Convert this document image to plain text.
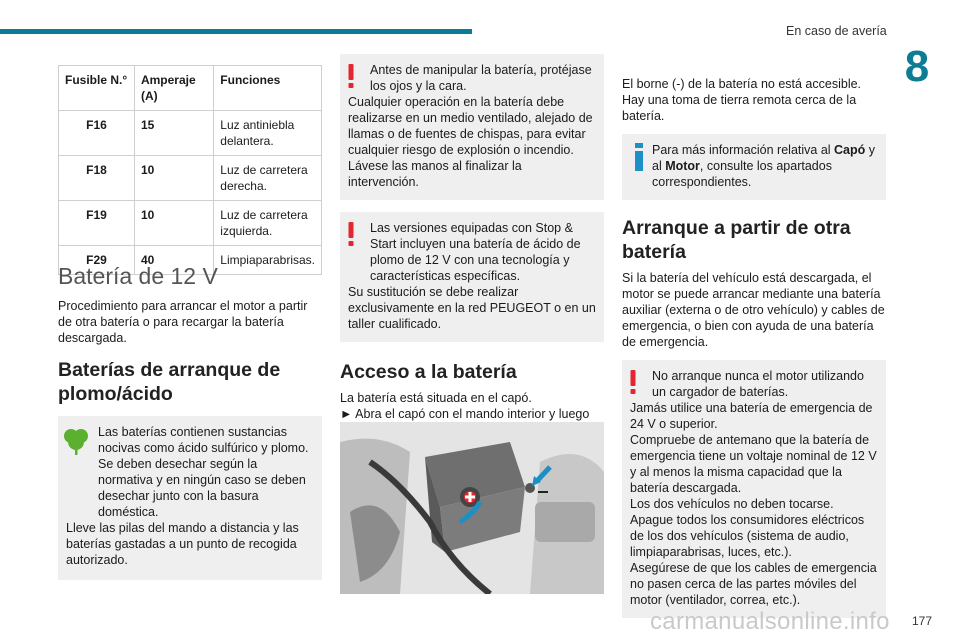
En caso de avería
8
Fusible N.°	Amperaje (A)	Funciones
F16	15	Luz antiniebla delantera.
F18	10	Luz de carretera derecha.
F19	10	Luz de carretera izquierda.
F29	40	Limpiaparabrisas.
Batería de 12 V
Procedimiento para arrancar el motor a partir de otra batería o para recargar la batería descargada.
Baterías de arranque de plomo/ácido
Las baterías contienen sustancias nocivas como ácido sulfúrico y plomo. Se deben desechar según la normativa y en ningún caso se deben desechar junto con la basura doméstica.
Lleve las pilas del mando a distancia y las baterías gastadas a un punto de recogida autorizado.
Antes de manipular la batería, protéjase los ojos y la cara.
Cualquier operación en la batería debe realizarse en un medio ventilado, alejado de llamas o de fuentes de chispas, para evitar cualquier riesgo de explosión o incendio.
Lávese las manos al finalizar la intervención.
Las versiones equipadas con Stop & Start incluyen una batería de ácido de plomo de 12 V con una tecnología y características específicas.
Su sustitución se debe realizar exclusivamente en la red PEUGEOT o en un taller cualificado.
Acceso a la batería
La batería está situada en el capó.
► Abra el capó con el mando interior y luego
El borne (-) de la batería no está accesible.
Hay una toma de tierra remota cerca de la batería.
Para más información relativa al Capó y al Motor, consulte los apartados correspondientes.
Arranque a partir de otra batería
Si la batería del vehículo está descargada, el motor se puede arrancar mediante una batería auxiliar (externa o de otro vehículo) y cables de emergencia, o bien con ayuda de una batería de emergencia.
No arranque nunca el motor utilizando un cargador de baterías.
Jamás utilice una batería de emergencia de 24 V o superior.
Compruebe de antemano que la batería de emergencia tiene un voltaje nominal de 12 V y al menos la misma capacidad que la batería descargada.
Los dos vehículos no deben tocarse.
Apague todos los consumidores eléctricos de los dos vehículos (sistema de audio, limpiaparabrisas, luces, etc.).
Asegúrese de que los cables de emergencia no pasen cerca de las partes móviles del motor (ventilador, correa, etc.).
carmanualsonline.info 177
